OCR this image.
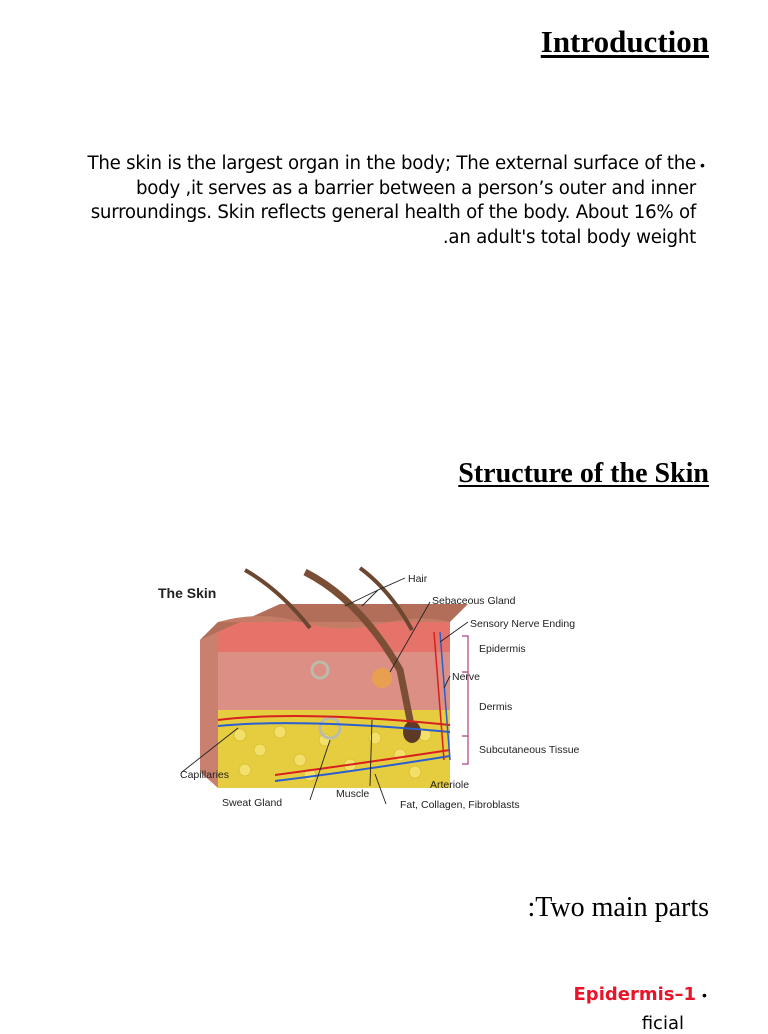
Introduction
The skin is the largest organ in the body; The external surface of the
body ,it serves as a barrier between a person’s outer and inner
surroundings. Skin reflects general health of the body. About 16% of
.an adult's total body weight
•
Structure of the Skin
The Skin
Hair
Sebaceous Gland
Sensory Nerve Ending
Epidermis
Nerve
Dermis
Subcutaneous Tissue
Arteriole
Fat, Collagen, Fibroblasts
Muscle
Sweat Gland
Capillaries
:Two main parts
Epidermis–1 •
ficial
